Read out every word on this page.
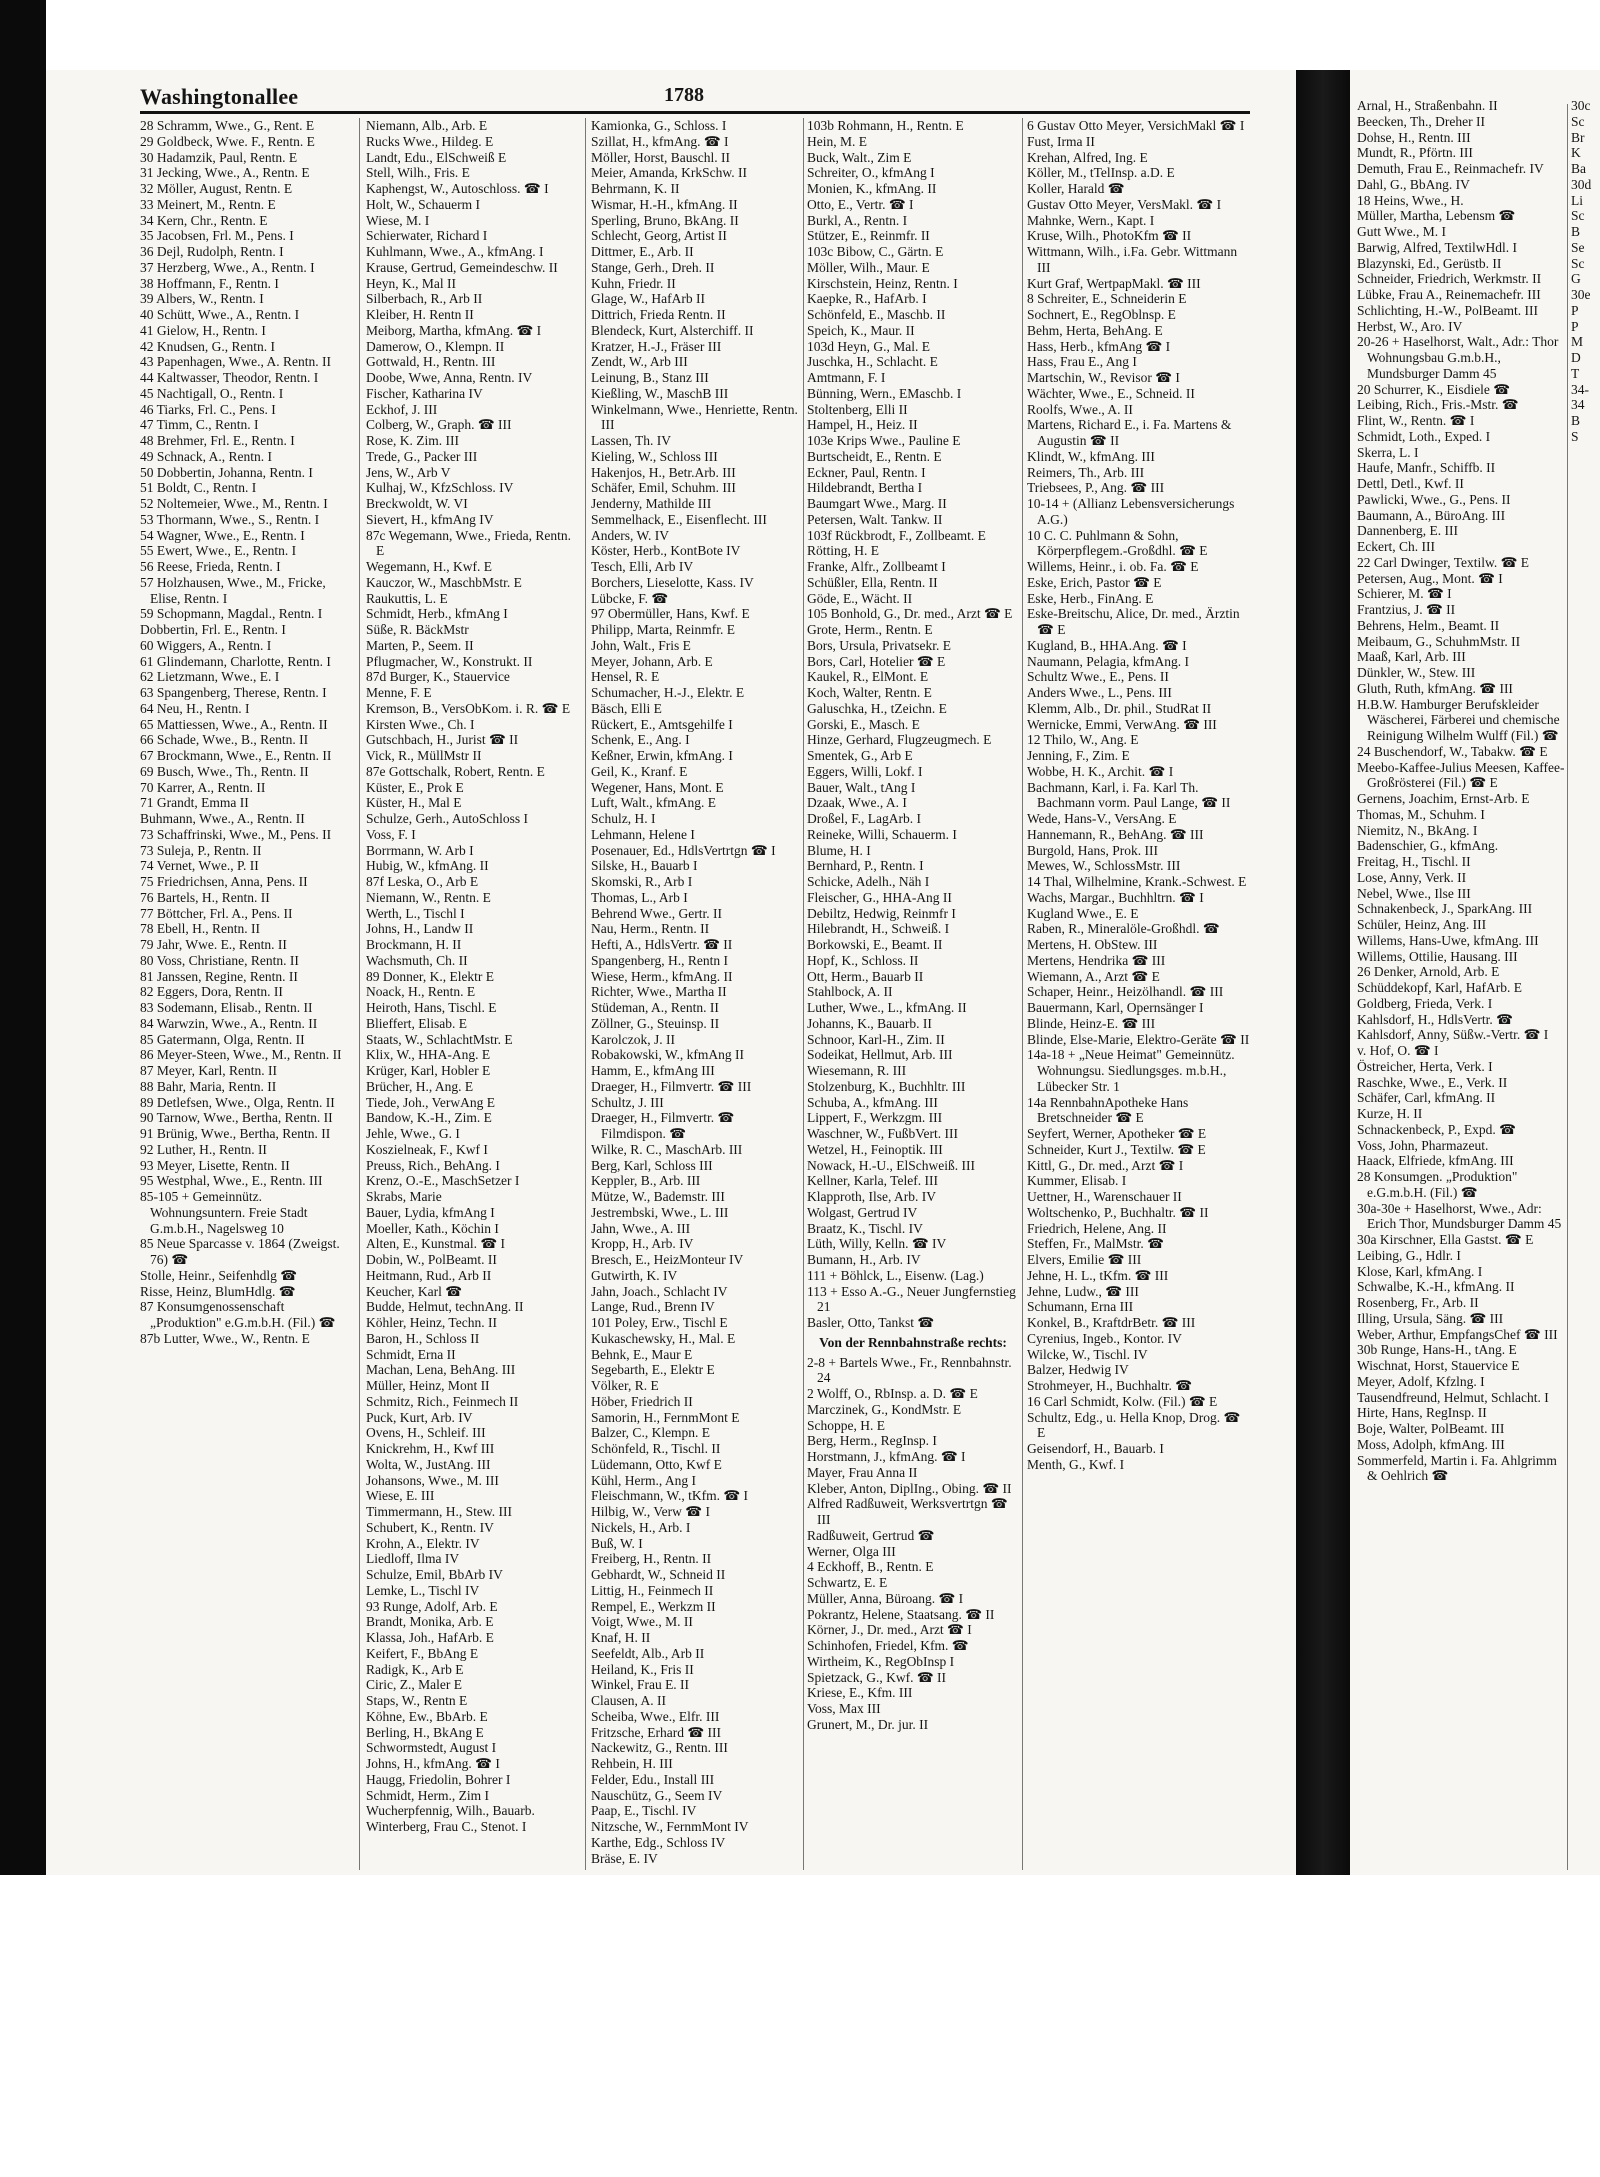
Washingtonallee	1788
28 Schramm, Wwe., G., Rent. E
29 Goldbeck, Wwe. F., Rentn. E
30 Hadamzik, Paul, Rentn. E
31 Jecking, Wwe., A., Rentn. E
32 Möller, August, Rentn. E
33 Meinert, M., Rentn. E
34 Kern, Chr., Rentn. E
35 Jacobsen, Frl. M., Pens. I
36 Dejl, Rudolph, Rentn. I
37 Herzberg, Wwe., A., Rentn. I
38 Hoffmann, F., Rentn. I
39 Albers, W., Rentn. I
40 Schütt, Wwe., A., Rentn. I
41 Gielow, H., Rentn. I
42 Knudsen, G., Rentn. I
43 Papenhagen, Wwe., A. Rentn. II
44 Kaltwasser, Theodor, Rentn. I
45 Nachtigall, O., Rentn. I
46 Tiarks, Frl. C., Pens. I
47 Timm, C., Rentn. I
48 Brehmer, Frl. E., Rentn. I
49 Schnack, A., Rentn. I
50 Dobbertin, Johanna, Rentn. I
51 Boldt, C., Rentn. I
52 Noltemeier, Wwe., M., Rentn. I
53 Thormann, Wwe., S., Rentn. I
54 Wagner, Wwe., E., Rentn. I
55 Ewert, Wwe., E., Rentn. I
56 Reese, Frieda, Rentn. I
57 Holzhausen, Wwe., M., Fricke, Elise, Rentn. I
59 Schopmann, Magdal., Rentn. I
Dobbertin, Frl. E., Rentn. I
60 Wiggers, A., Rentn. I
61 Glindemann, Charlotte, Rentn. I
62 Lietzmann, Wwe., E. I
63 Spangenberg, Therese, Rentn. I
64 Neu, H., Rentn. I
65 Mattiessen, Wwe., A., Rentn. II
66 Schade, Wwe., B., Rentn. II
67 Brockmann, Wwe., E., Rentn. II
69 Busch, Wwe., Th., Rentn. II
70 Karrer, A., Rentn. II
71 Grandt, Emma II
Buhmann, Wwe., A., Rentn. II
73 Schaffrinski, Wwe., M., Pens. II
73 Suleja, P., Rentn. II
74 Vernet, Wwe., P. II
75 Friedrichsen, Anna, Pens. II
76 Bartels, H., Rentn. II
77 Böttcher, Frl. A., Pens. II
78 Ebell, H., Rentn. II
79 Jahr, Wwe. E., Rentn. II
80 Voss, Christiane, Rentn. II
81 Janssen, Regine, Rentn. II
82 Eggers, Dora, Rentn. II
83 Sodemann, Elisab., Rentn. II
84 Warwzin, Wwe., A., Rentn. II
85 Gatermann, Olga, Rentn. II
86 Meyer-Steen, Wwe., M., Rentn. II
87 Meyer, Karl, Rentn. II
88 Bahr, Maria, Rentn. II
89 Detlefsen, Wwe., Olga, Rentn. II
90 Tarnow, Wwe., Bertha, Rentn. II
91 Brünig, Wwe., Bertha, Rentn. II
92 Luther, H., Rentn. II
93 Meyer, Lisette, Rentn. II
95 Westphal, Wwe., E., Rentn. III
85-105 + Gemeinnütz. Wohnungsuntern. Freie Stadt G.m.b.H., Nagelsweg 10
85 Neue Sparcasse v. 1864 (Zweigst. 76) ☎
Stolle, Heinr., Seifenhdlg ☎
Risse, Heinz, BlumHdlg. ☎
87 Konsumgenossenschaft „Produktion" e.G.m.b.H. (Fil.) ☎
87b Lutter, Wwe., W., Rentn. E
Niemann, Alb., Arb. E
Rucks Wwe., Hildeg. E
Landt, Edu., ElSchweiß E
Stell, Wilh., Fris. E
Kaphengst, W., Autoschloss. ☎ I
Holt, W., Schauerm I
Wiese, M. I
Schierwater, Richard I
Kuhlmann, Wwe., A., kfmAng. I
Krause, Gertrud, Gemeindeschw. II
Heyn, K., Mal II
Silberbach, R., Arb II
Kleiber, H. Rentn II
Meiborg, Martha, kfmAng. ☎ I
Damerow, O., Klempn. II
Gottwald, H., Rentn. III
Doobe, Wwe, Anna, Rentn. IV
Fischer, Katharina IV
Eckhof, J. III
Colberg, W., Graph. ☎ III
Rose, K. Zim. III
Trede, G., Packer III
Jens, W., Arb V
Kulhaj, W., KfzSchloss. IV
Breckwoldt, W. VI
Sievert, H., kfmAng IV
87c Wegemann, Wwe., Frieda, Rentn. E
Wegemann, H., Kwf. E
Kauczor, W., MaschbMstr. E
Raukuttis, L. E
Schmidt, Herb., kfmAng I
Süße, R. BäckMstr
Marten, P., Seem. II
Pflugmacher, W., Konstrukt. II
87d Burger, K., Stauervice
Menne, F. E
Kremson, B., VersObKom. i. R. ☎ E
Kirsten Wwe., Ch. I
Gutschbach, H., Jurist ☎ II
Vick, R., MüllMstr II
87e Gottschalk, Robert, Rentn. E
Küster, E., Prok E
Küster, H., Mal E
Schulze, Gerh., AutoSchloss I
Voss, F. I
Borrmann, W. Arb I
Hubig, W., kfmAng. II
87f Leska, O., Arb E
Niemann, W., Rentn. E
Werth, L., Tischl I
Johns, H., Landw II
Brockmann, H. II
Wachsmuth, Ch. II
89 Donner, K., Elektr E
Noack, H., Rentn. E
Heiroth, Hans, Tischl. E
Blieffert, Elisab. E
Staats, W., SchlachtMstr. E
Klix, W., HHA-Ang. E
Krüger, Karl, Hobler E
Brücher, H., Ang. E
Tiede, Joh., VerwAng E
Bandow, K.-H., Zim. E
Jehle, Wwe., G. I
Koszielneak, F., Kwf I
Preuss, Rich., BehAng. I
Krenz, O.-E., MaschSetzer I
Skrabs, Marie
Bauer, Lydia, kfmAng I
Moeller, Kath., Köchin I
Alten, E., Kunstmal. ☎ I
Dobin, W., PolBeamt. II
Heitmann, Rud., Arb II
Keucher, Karl ☎
Budde, Helmut, technAng. II
Köhler, Heinz, Techn. II
Baron, H., Schloss II
Schmidt, Erna II
Machan, Lena, BehAng. III
Müller, Heinz, Mont II
Schmitz, Rich., Feinmech II
Puck, Kurt, Arb. IV
Ovens, H., Schleif. III
Knickrehm, H., Kwf III
Wolta, W., JustAng. III
Johansons, Wwe., M. III
Wiese, E. III
Timmermann, H., Stew. III
Schubert, K., Rentn. IV
Krohn, A., Elektr. IV
Liedloff, Ilma IV
Schulze, Emil, BbArb IV
Lemke, L., Tischl IV
93 Runge, Adolf, Arb. E
Brandt, Monika, Arb. E
Klassa, Joh., HafArb. E
Keifert, F., BbAng E
Radigk, K., Arb E
Ciric, Z., Maler E
Staps, W., Rentn E
Köhne, Ew., BbArb. E
Berling, H., BkAng E
Schwormstedt, August I
Johns, H., kfmAng. ☎ I
Haugg, Friedolin, Bohrer I
Schmidt, Herm., Zim I
Wucherpfennig, Wilh., Bauarb.
Winterberg, Frau C., Stenot. I
Kamionka, G., Schloss. I
Szillat, H., kfmAng. ☎ I
Möller, Horst, Bauschl. II
Meier, Amanda, KrkSchw. II
Behrmann, K. II
Wismar, H.-H., kfmAng. II
Sperling, Bruno, BkAng. II
Schlecht, Georg, Artist II
Dittmer, E., Arb. II
Stange, Gerh., Dreh. II
Kuhn, Friedr. II
Glage, W., HafArb II
Dittrich, Frieda Rentn. II
Blendeck, Kurt, Alsterchiff. II
Kratzer, H.-J., Fräser III
Zendt, W., Arb III
Leinung, B., Stanz III
Kießling, W., MaschB III
Winkelmann, Wwe., Henriette, Rentn. III
Lassen, Th. IV
Kieling, W., Schloss III
Hakenjos, H., Betr.Arb. III
Schäfer, Emil, Schuhm. III
Jenderny, Mathilde III
Semmelhack, E., Eisenflecht. III
Anders, W. IV
Köster, Herb., KontBote IV
Tesch, Elli, Arb IV
Borchers, Lieselotte, Kass. IV
Lübcke, F. ☎
97 Obermüller, Hans, Kwf. E
Philipp, Marta, Reinmfr. E
John, Walt., Fris E
Meyer, Johann, Arb. E
Hensel, R. E
Schumacher, H.-J., Elektr. E
Bäsch, Elli E
Rückert, E., Amtsgehilfe I
Schenk, E., Ang. I
Keßner, Erwin, kfmAng. I
Geil, K., Kranf. E
Wegener, Hans, Mont. E
Luft, Walt., kfmAng. E
Schulz, H. I
Lehmann, Helene I
Posenauer, Ed., HdlsVertrtgn ☎ I
Silske, H., Bauarb I
Skomski, R., Arb I
Thomas, L., Arb I
Behrend Wwe., Gertr. II
Nau, Herm., Rentn. II
Hefti, A., HdlsVertr. ☎ II
Spangenberg, H., Rentn I
Wiese, Herm., kfmAng. II
Richter, Wwe., Martha II
Stüdeman, A., Rentn. II
Zöllner, G., Steuinsp. II
Karolczok, J. II
Robakowski, W., kfmAng II
Hamm, E., kfmAng III
Draeger, H., Filmvertr. ☎ III
Schultz, J. III
Draeger, H., Filmvertr. ☎ Filmdispon. ☎
Wilke, R. C., MaschArb. III
Berg, Karl, Schloss III
Keppler, B., Arb. III
Mütze, W., Bademstr. III
Jestrembski, Wwe., L. III
Jahn, Wwe., A. III
Kropp, H., Arb. IV
Bresch, E., HeizMonteur IV
Gutwirth, K. IV
Jahn, Joach., Schlacht IV
Lange, Rud., Brenn IV
101 Poley, Erw., Tischl E
Kukaschewsky, H., Mal. E
Behnk, E., Maur E
Segebarth, E., Elektr E
Völker, R. E
Höber, Friedrich II
Samorin, H., FernmMont E
Balzer, C., Klempn. E
Schönfeld, R., Tischl. II
Lüdemann, Otto, Kwf E
Kühl, Herm., Ang I
Fleischmann, W., tKfm. ☎ I
Hilbig, W., Verw ☎ I
Nickels, H., Arb. I
Buß, W. I
Freiberg, H., Rentn. II
Gebhardt, W., Schneid II
Littig, H., Feinmech II
Rempel, E., Werkzm II
Voigt, Wwe., M. II
Knaf, H. II
Seefeldt, Alb., Arb II
Heiland, K., Fris II
Winkel, Frau E. II
Clausen, A. II
Scheiba, Wwe., Elfr. III
Fritzsche, Erhard ☎ III
Nackewitz, G., Rentn. III
Rehbein, H. III
Felder, Edu., Install III
Nauschütz, G., Seem IV
Paap, E., Tischl. IV
Nitzsche, W., FernmMont IV
Karthe, Edg., Schloss IV
Bräse, E. IV
103b Rohmann, H., Rentn. E
Hein, M. E
Buck, Walt., Zim E
Schreiter, O., kfmAng I
Monien, K., kfmAng. II
Otto, E., Vertr. ☎ I
Burkl, A., Rentn. I
Stützer, E., Reinmfr. II
103c Bibow, C., Gärtn. E
Möller, Wilh., Maur. E
Kirschstein, Heinz, Rentn. I
Kaepke, R., HafArb. I
Schönfeld, E., Maschb. II
Speich, K., Maur. II
103d Heyn, G., Mal. E
Juschka, H., Schlacht. E
Amtmann, F. I
Bünning, Wern., EMaschb. I
Stoltenberg, Elli II
Hampel, H., Heiz. II
103e Krips Wwe., Pauline E
Burtscheidt, E., Rentn. E
Eckner, Paul, Rentn. I
Hildebrandt, Bertha I
Baumgart Wwe., Marg. II
Petersen, Walt. Tankw. II
103f Rückbrodt, F., Zollbeamt. E
Rötting, H. E
Franke, Alfr., Zollbeamt I
Schüßler, Ella, Rentn. II
Göde, E., Wächt. II
105 Bonhold, G., Dr. med., Arzt ☎ E
Grote, Herm., Rentn. E
Bors, Ursula, Privatsekr. E
Bors, Carl, Hotelier ☎ E
Kaukel, R., ElMont. E
Koch, Walter, Rentn. E
Galuschka, H., tZeichn. E
Gorski, E., Masch. E
Hinze, Gerhard, Flugzeugmech. E
Smentek, G., Arb E
Eggers, Willi, Lokf. I
Bauer, Walt., tAng I
Dzaak, Wwe., A. I
Droßel, F., LagArb. I
Reineke, Willi, Schauerm. I
Blume, H. I
Bernhard, P., Rentn. I
Schicke, Adelh., Näh I
Fleischer, G., HHA-Ang II
Debiltz, Hedwig, Reinmfr I
Hilebrandt, H., Schweiß. I
Borkowski, E., Beamt. II
Hopf, K., Schloss. II
Ott, Herm., Bauarb II
Stahlbock, A. II
Luther, Wwe., L., kfmAng. II
Johanns, K., Bauarb. II
Schnoor, Karl-H., Zim. II
Sodeikat, Hellmut, Arb. III
Wiesemann, R. III
Stolzenburg, K., Buchhltr. III
Schuba, A., kfmAng. III
Lippert, F., Werkzgm. III
Waschner, W., FußbVert. III
Wetzel, H., Feinoptik. III
Nowack, H.-U., ElSchweiß. III
Kellner, Karla, Telef. III
Klapproth, Ilse, Arb. IV
Wolgast, Gertrud IV
Braatz, K., Tischl. IV
Lüth, Willy, Kelln. ☎ IV
Bumann, H., Arb. IV
111 + Böhlck, L., Eisenw. (Lag.)
113 + Esso A.-G., Neuer Jungfernstieg 21
Basler, Otto, Tankst ☎
Von der Rennbahnstraße rechts:
2-8 + Bartels Wwe., Fr., Rennbahnstr. 24
2 Wolff, O., RbInsp. a. D. ☎ E
Marczinek, G., KondMstr. E
Schoppe, H. E
Berg, Herm., RegInsp. I
Horstmann, J., kfmAng. ☎ I
Mayer, Frau Anna II
Kleber, Anton, DiplIng., Obing. ☎ II
Alfred Radßuweit, Werksvertrtgn ☎ III
Radßuweit, Gertrud ☎
Werner, Olga III
4 Eckhoff, B., Rentn. E
Schwartz, E. E
Müller, Anna, Büroang. ☎ I
Pokrantz, Helene, Staatsang. ☎ II
Körner, J., Dr. med., Arzt ☎ I
Schinhofen, Friedel, Kfm. ☎
Wirtheim, K., RegObInsp I
Spietzack, G., Kwf. ☎ II
Kriese, E., Kfm. III
Voss, Max III
Grunert, M., Dr. jur. II
6 Gustav Otto Meyer, VersichMakl ☎ I
Fust, Irma II
Krehan, Alfred, Ing. E
Köller, M., tTelInsp. a.D. E
Koller, Harald ☎
Gustav Otto Meyer, VersMakl. ☎ I
Mahnke, Wern., Kapt. I
Kruse, Wilh., PhotoKfm ☎ II
Wittmann, Wilh., i.Fa. Gebr. Wittmann III
Kurt Graf, WertpapMakl. ☎ III
8 Schreiter, E., Schneiderin E
Sochnert, E., RegOblnsp. E
Behm, Herta, BehAng. E
Hass, Herb., kfmAng ☎ I
Hass, Frau E., Ang I
Martschin, W., Revisor ☎ I
Wächter, Wwe., E., Schneid. II
Roolfs, Wwe., A. II
Martens, Richard E., i. Fa. Martens & Augustin ☎ II
Klindt, W., kfmAng. III
Reimers, Th., Arb. III
Triebsees, P., Ang. ☎ III
10-14 + (Allianz Lebensversicherungs A.G.)
10 C. C. Puhlmann & Sohn, Körperpflegem.-Großdhl. ☎ E
Willems, Heinr., i. ob. Fa. ☎ E
Eske, Erich, Pastor ☎ E
Eske, Herb., FinAng. E
Eske-Breitschu, Alice, Dr. med., Ärztin ☎ E
Kugland, B., HHA.Ang. ☎ I
Naumann, Pelagia, kfmAng. I
Schultz Wwe., E., Pens. II
Anders Wwe., L., Pens. III
Klemm, Alb., Dr. phil., StudRat II
Wernicke, Emmi, VerwAng. ☎ III
12 Thilo, W., Ang. E
Jenning, F., Zim. E
Wobbe, H. K., Archit. ☎ I
Bachmann, Karl, i. Fa. Karl Th. Bachmann vorm. Paul Lange, ☎ II
Wede, Hans-V., VersAng. E
Hannemann, R., BehAng. ☎ III
Burgold, Hans, Prok. III
Mewes, W., SchlossMstr. III
14 Thal, Wilhelmine, Krank.-Schwest. E
Wachs, Margar., Buchhltrn. ☎ I
Kugland Wwe., E. E
Raben, R., Mineralöle-Großhdl. ☎
Mertens, H. ObStew. III
Mertens, Hendrika ☎ III
Wiemann, A., Arzt ☎ E
Schaper, Heinr., Heizölhandl. ☎ III
Bauermann, Karl, Opernsänger I
Blinde, Heinz-E. ☎ III
Blinde, Else-Marie, Elektro-Geräte ☎ II
14a-18 + „Neue Heimat" Gemeinnütz. Wohnungsu. Siedlungsges. m.b.H., Lübecker Str. 1
14a RennbahnApotheke Hans Bretschneider ☎ E
Seyfert, Werner, Apotheker ☎ E
Schneider, Kurt J., Textilw. ☎ E
Kittl, G., Dr. med., Arzt ☎ I
Kummer, Elisab. I
Uettner, H., Warenschauer II
Woltschenko, P., Buchhaltr. ☎ II
Friedrich, Helene, Ang. II
Steffen, Fr., MalMstr. ☎
Elvers, Emilie ☎ III
Jehne, H. L., tKfm. ☎ III
Jehne, Ludw., ☎ III
Schumann, Erna III
Konkel, B., KraftdrBetr. ☎ III
Cyrenius, Ingeb., Kontor. IV
Wilcke, W., Tischl. IV
Balzer, Hedwig IV
Strohmeyer, H., Buchhaltr. ☎
16 Carl Schmidt, Kolw. (Fil.) ☎ E
Schultz, Edg., u. Hella Knop, Drog. ☎ E
Geisendorf, H., Bauarb. I
Menth, G., Kwf. I
Arnal, H., Straßenbahn. II
Beecken, Th., Dreher II
Dohse, H., Rentn. III
Mundt, R., Pförtn. III
Demuth, Frau E., Reinmachefr. IV
Dahl, G., BbAng. IV
18 Heins, Wwe., H.
Müller, Martha, Lebensm ☎
Gutt Wwe., M. I
Barwig, Alfred, TextilwHdl. I
Blazynski, Ed., Gerüstb. II
Schneider, Friedrich, Werkmstr. II
Lübke, Frau A., Reinemachefr. III
Schlichting, H.-W., PolBeamt. III
Herbst, W., Aro. IV
20-26 + Haselhorst, Walt., Adr.: Thor Wohnungsbau G.m.b.H., Mundsburger Damm 45
20 Schurrer, K., Eisdiele ☎
Leibing, Rich., Fris.-Mstr. ☎
Flint, W., Rentn. ☎ I
Schmidt, Loth., Exped. I
Skerra, L. I
Haufe, Manfr., Schiffb. II
Dettl, Detl., Kwf. II
Pawlicki, Wwe., G., Pens. II
Baumann, A., BüroAng. III
Dannenberg, E. III
Eckert, Ch. III
22 Carl Dwinger, Textilw. ☎ E
Petersen, Aug., Mont. ☎ I
Schierer, M. ☎ I
Frantzius, J. ☎ II
Behrens, Helm., Beamt. II
Meibaum, G., SchuhmMstr. II
Maaß, Karl, Arb. III
Dünkler, W., Stew. III
Gluth, Ruth, kfmAng. ☎ III
H.B.W. Hamburger Berufskleider Wäscherei, Färberei und chemische Reinigung Wilhelm Wulff (Fil.) ☎
24 Buschendorf, W., Tabakw. ☎ E
Meebo-Kaffee-Julius Meesen, Kaffee-Großrösterei (Fil.) ☎ E
Gernens, Joachim, Ernst-Arb. E
Thomas, M., Schuhm. I
Niemitz, N., BkAng. I
Badenschier, G., kfmAng.
Freitag, H., Tischl. II
Lose, Anny, Verk. II
Nebel, Wwe., Ilse III
Schnakenbeck, J., SparkAng. III
Schüler, Heinz, Ang. III
Willems, Hans-Uwe, kfmAng. III
Willems, Ottilie, Hausang. III
26 Denker, Arnold, Arb. E
Schüddekopf, Karl, HafArb. E
Goldberg, Frieda, Verk. I
Kahlsdorf, H., HdlsVertr. ☎
Kahlsdorf, Anny, Süßw.-Vertr. ☎ I
v. Hof, O. ☎ I
Östreicher, Herta, Verk. I
Raschke, Wwe., E., Verk. II
Schäfer, Carl, kfmAng. II
Kurze, H. II
Schnackenbeck, P., Expd. ☎
Voss, John, Pharmazeut.
Haack, Elfriede, kfmAng. III
28 Konsumgen. „Produktion" e.G.m.b.H. (Fil.) ☎
30a-30e + Haselhorst, Wwe., Adr: Erich Thor, Mundsburger Damm 45
30a Kirschner, Ella Gastst. ☎ E
Leibing, G., Hdlr. I
Klose, Karl, kfmAng. I
Schwalbe, K.-H., kfmAng. II
Rosenberg, Fr., Arb. II
Illing, Ursula, Säng. ☎ III
Weber, Arthur, EmpfangsChef ☎ III
30b Runge, Hans-H., tAng. E
Wischnat, Horst, Stauervice E
Meyer, Adolf, Kfzlng. I
Tausendfreund, Helmut, Schlacht. I
Hirte, Hans, RegInsp. II
Boje, Walter, PolBeamt. III
Moss, Adolph, kfmAng. III
Sommerfeld, Martin i. Fa. Ahlgrimm & Oehlrich ☎
30c
Sc
Br
K
Ba
30d
Li
Sc
B
Se
Sc
G
30e
P
P
M
D
T
34-
34
B
S
